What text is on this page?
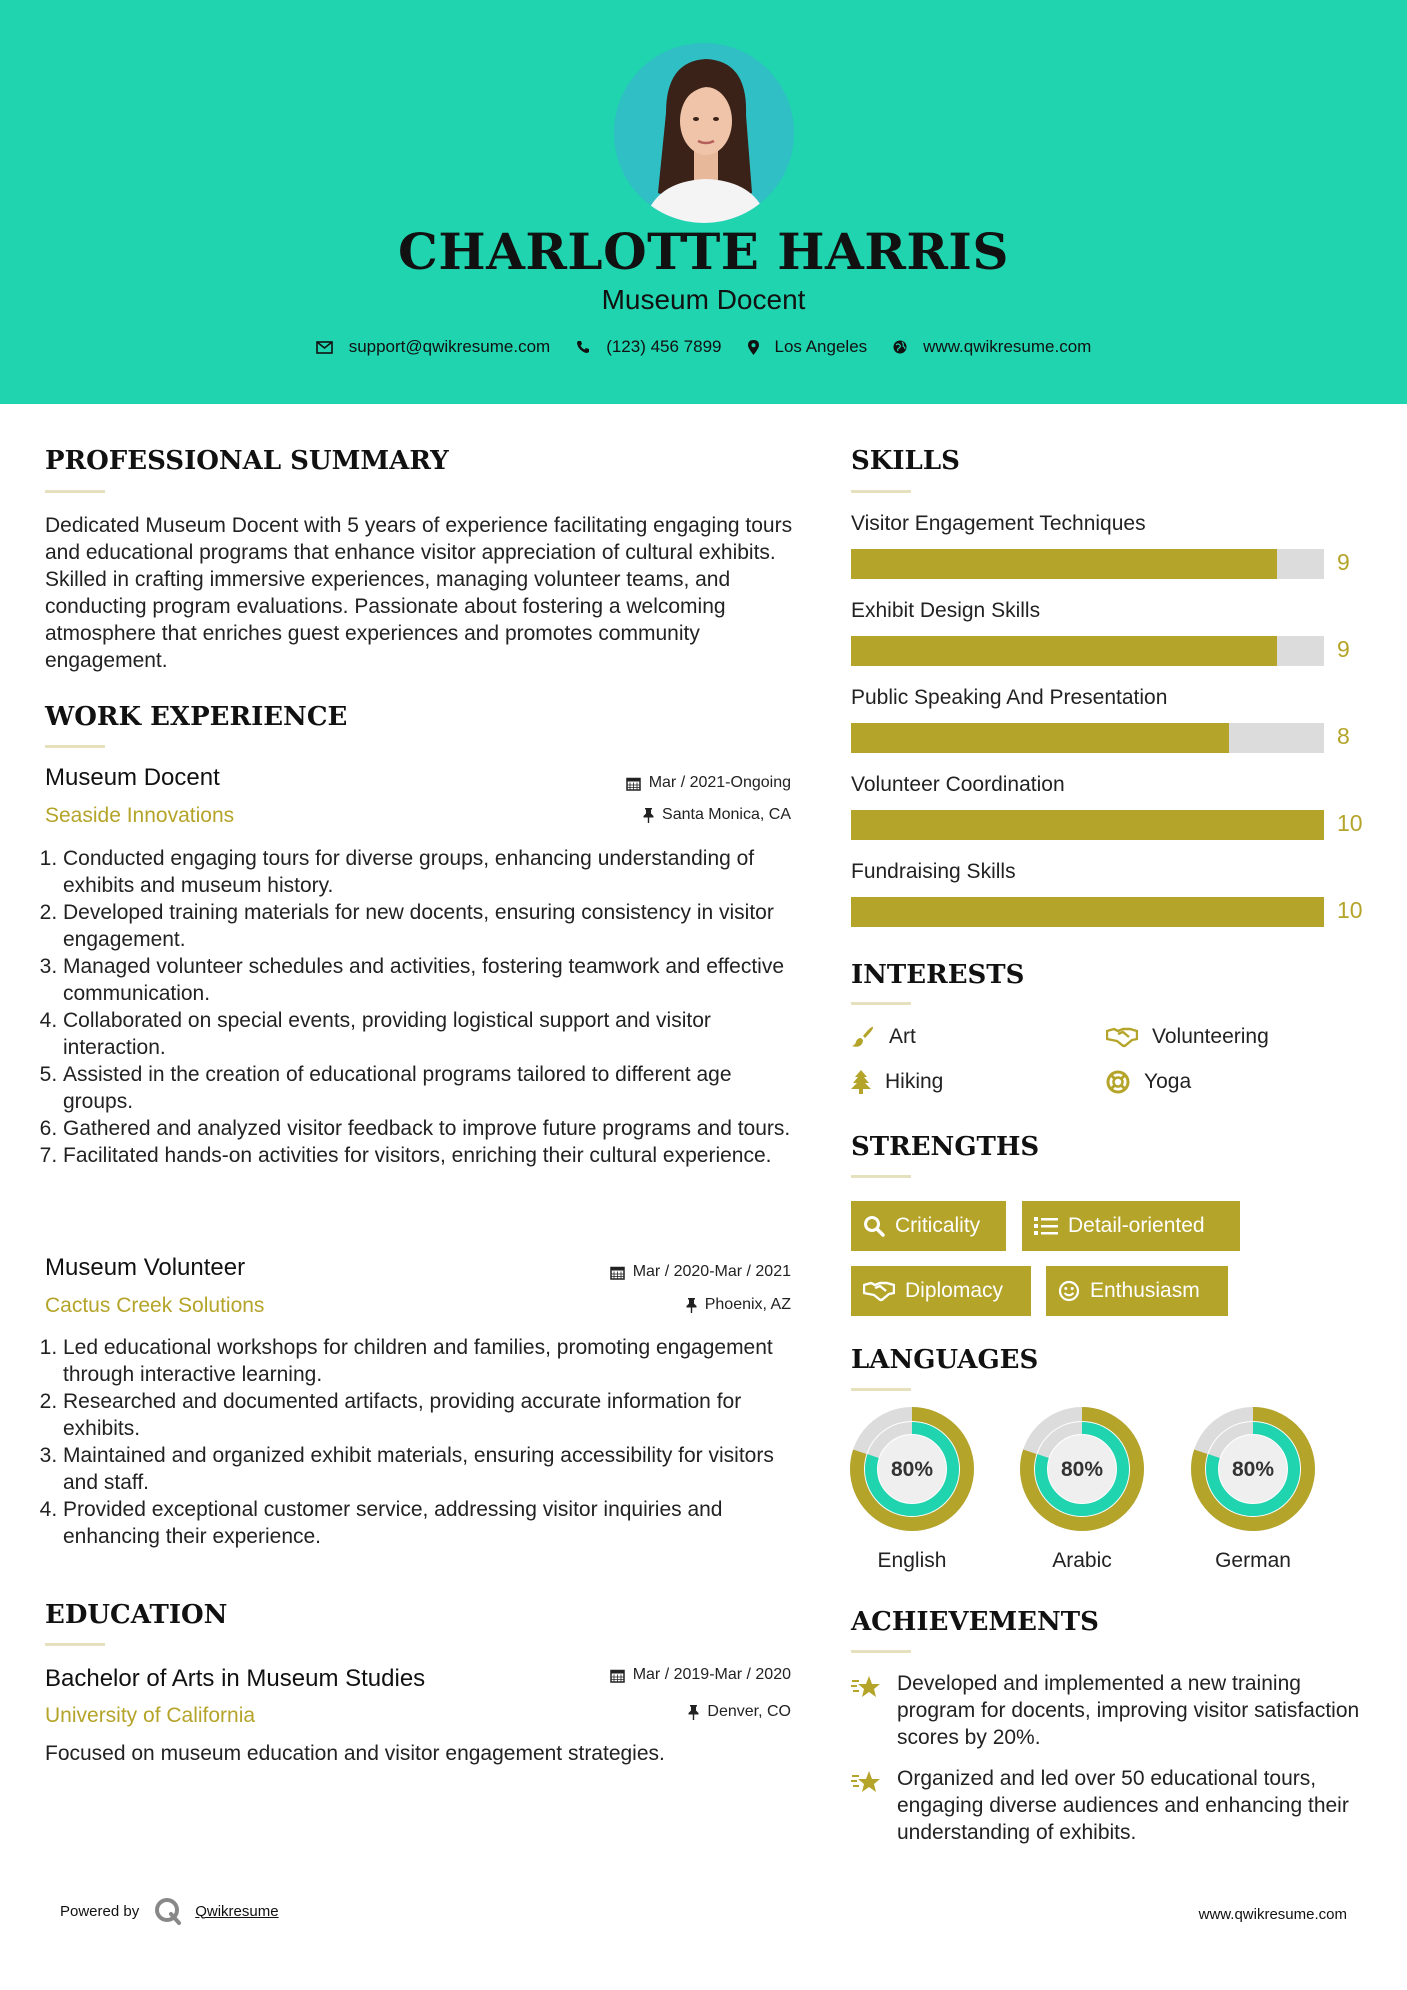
CHARLOTTE HARRIS
Museum Docent
support@qwikresume.com	(123) 456 7899	Los Angeles	www.qwikresume.com
PROFESSIONAL SUMMARY
Dedicated Museum Docent with 5 years of experience facilitating engaging tours and educational programs that enhance visitor appreciation of cultural exhibits. Skilled in crafting immersive experiences, managing volunteer teams, and conducting program evaluations. Passionate about fostering a welcoming atmosphere that enriches guest experiences and promotes community engagement.
WORK EXPERIENCE
Museum Docent
Seaside Innovations
Mar / 2021-Ongoing
Santa Monica, CA
1. Conducted engaging tours for diverse groups, enhancing understanding of exhibits and museum history.
2. Developed training materials for new docents, ensuring consistency in visitor engagement.
3. Managed volunteer schedules and activities, fostering teamwork and effective communication.
4. Collaborated on special events, providing logistical support and visitor interaction.
5. Assisted in the creation of educational programs tailored to different age groups.
6. Gathered and analyzed visitor feedback to improve future programs and tours.
7. Facilitated hands-on activities for visitors, enriching their cultural experience.
Museum Volunteer
Cactus Creek Solutions
Mar / 2020-Mar / 2021
Phoenix, AZ
1. Led educational workshops for children and families, promoting engagement through interactive learning.
2. Researched and documented artifacts, providing accurate information for exhibits.
3. Maintained and organized exhibit materials, ensuring accessibility for visitors and staff.
4. Provided exceptional customer service, addressing visitor inquiries and enhancing their experience.
EDUCATION
Bachelor of Arts in Museum Studies
University of California
Mar / 2019-Mar / 2020
Denver, CO
Focused on museum education and visitor engagement strategies.
SKILLS
Visitor Engagement Techniques
9
Exhibit Design Skills
9
Public Speaking And Presentation
8
Volunteer Coordination
10
Fundraising Skills
10
INTERESTS
Art	Volunteering
Hiking	Yoga
STRENGTHS
Criticality	Detail-oriented
Diplomacy	Enthusiasm
LANGUAGES
80%
English
80%
Arabic
80%
German
ACHIEVEMENTS
Developed and implemented a new training program for docents, improving visitor satisfaction scores by 20%.
Organized and led over 50 educational tours, engaging diverse audiences and enhancing their understanding of exhibits.
Powered by	Qwikresume	www.qwikresume.com
